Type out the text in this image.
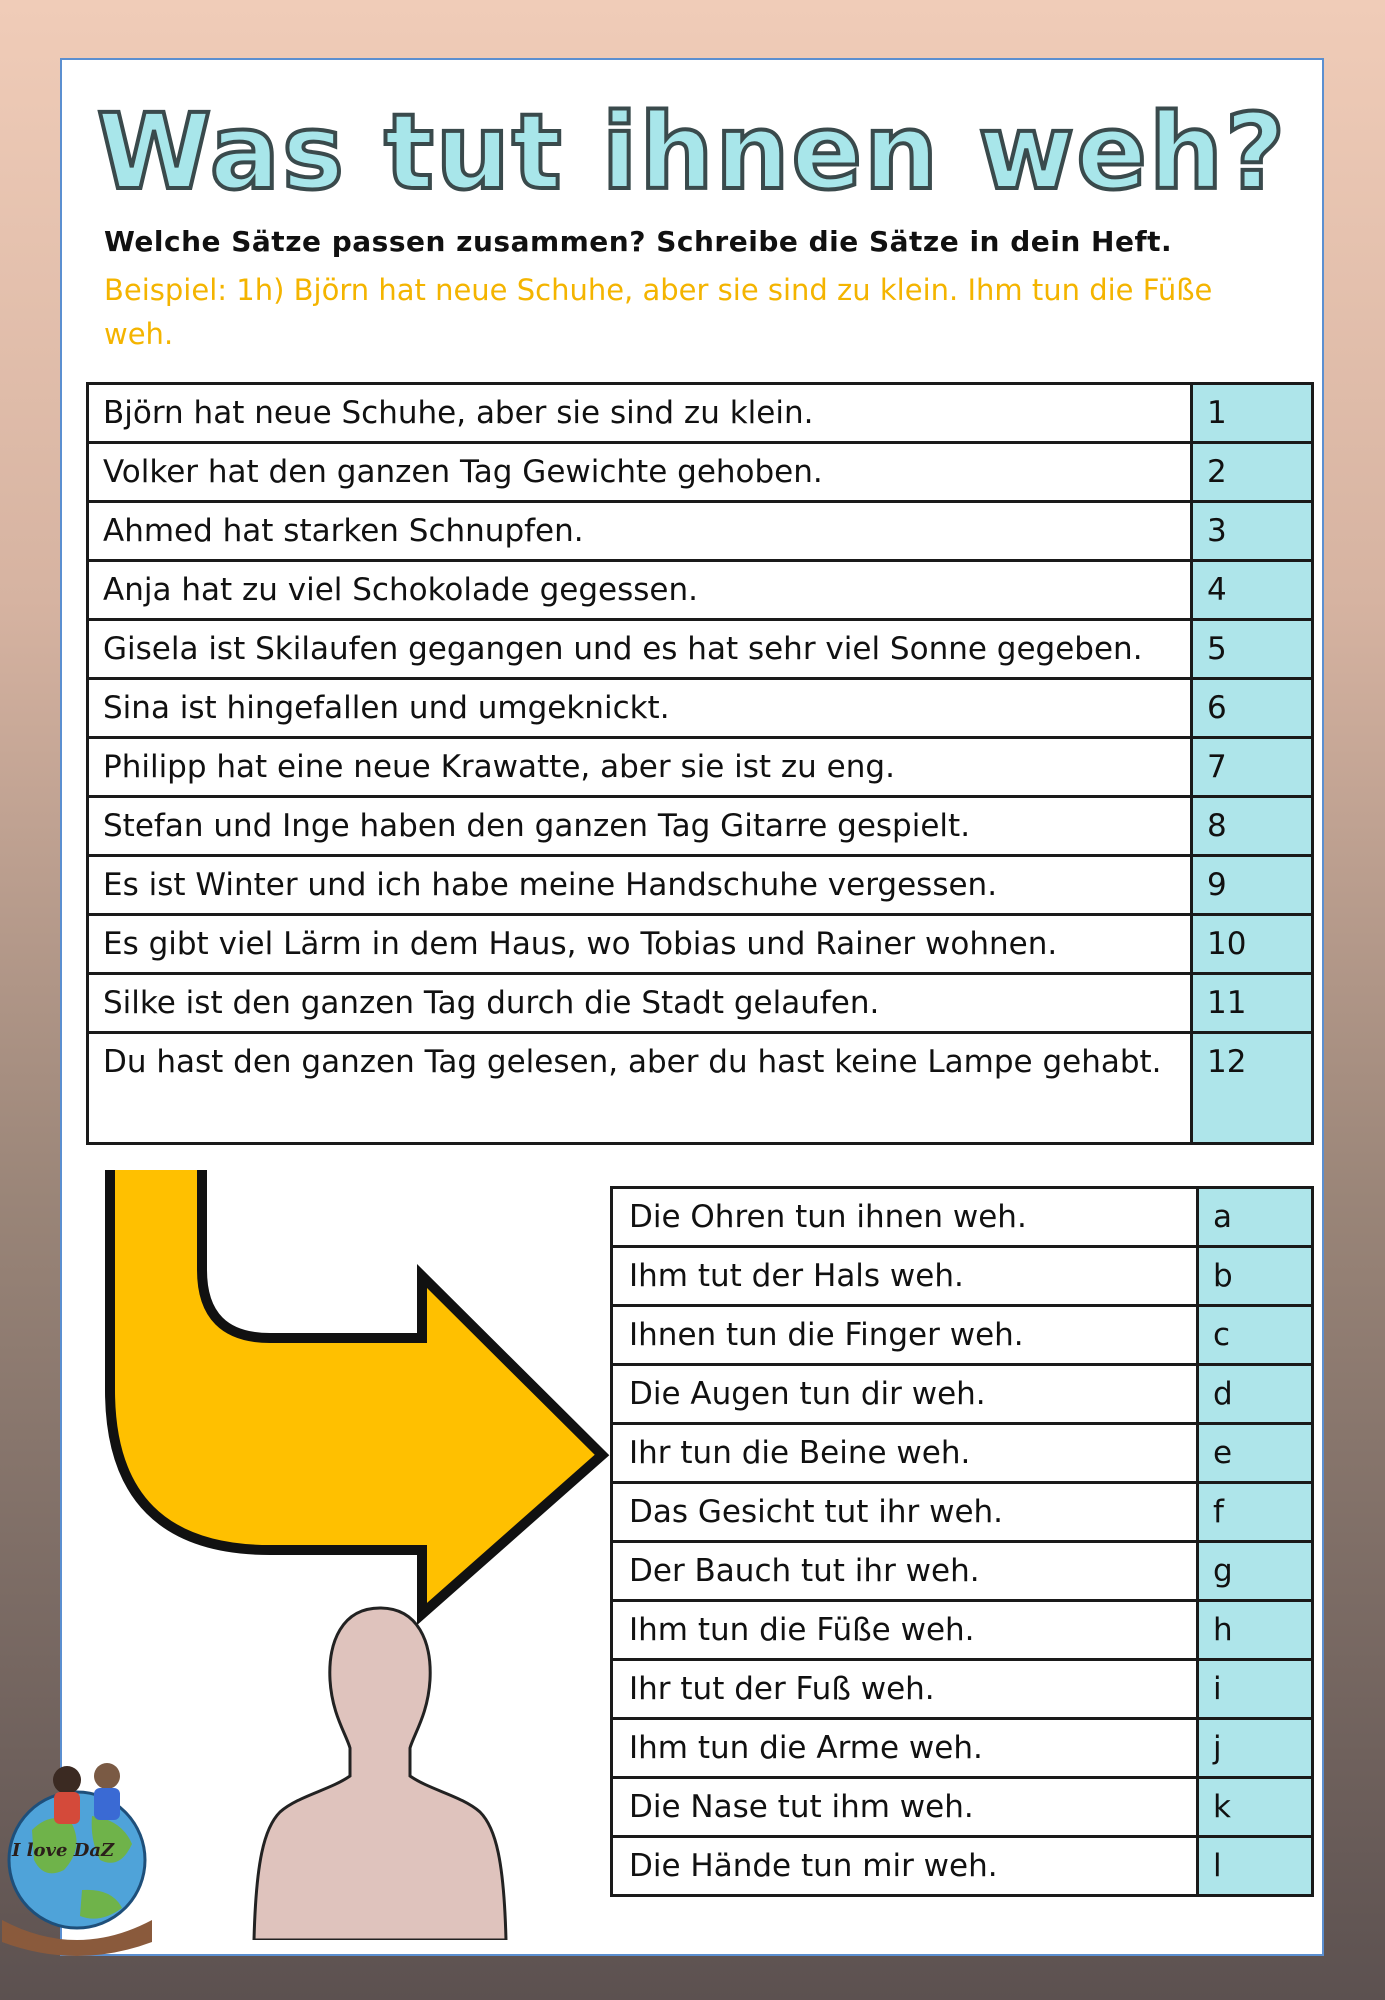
Was tut ihnen weh?
Welche Sätze passen zusammen? Schreibe die Sätze in dein Heft.
Beispiel: 1h) Björn hat neue Schuhe, aber sie sind zu klein. Ihm tun die Füße weh.
Björn hat neue Schuhe, aber sie sind zu klein.	1
Volker hat den ganzen Tag Gewichte gehoben.	2
Ahmed hat starken Schnupfen.	3
Anja hat zu viel Schokolade gegessen.	4
Gisela ist Skilaufen gegangen und es hat sehr viel Sonne gegeben.	5
Sina ist hingefallen und umgeknickt.	6
Philipp hat eine neue Krawatte, aber sie ist zu eng.	7
Stefan und Inge haben den ganzen Tag Gitarre gespielt.	8
Es ist Winter und ich habe meine Handschuhe vergessen.	9
Es gibt viel Lärm in dem Haus, wo Tobias und Rainer wohnen.	10
Silke ist den ganzen Tag durch die Stadt gelaufen.	11
Du hast den ganzen Tag gelesen, aber du hast keine Lampe gehabt.	12
Die Ohren tun ihnen weh.	a
Ihm tut der Hals weh.	b
Ihnen tun die Finger weh.	c
Die Augen tun dir weh.	d
Ihr tun die Beine weh.	e
Das Gesicht tut ihr weh.	f
Der Bauch tut ihr weh.	g
Ihm tun die Füße weh.	h
Ihr tut der Fuß weh.	i
Ihm tun die Arme weh.	j
Die Nase tut ihm weh.	k
Die Hände tun mir weh.	l
I love DaZ
